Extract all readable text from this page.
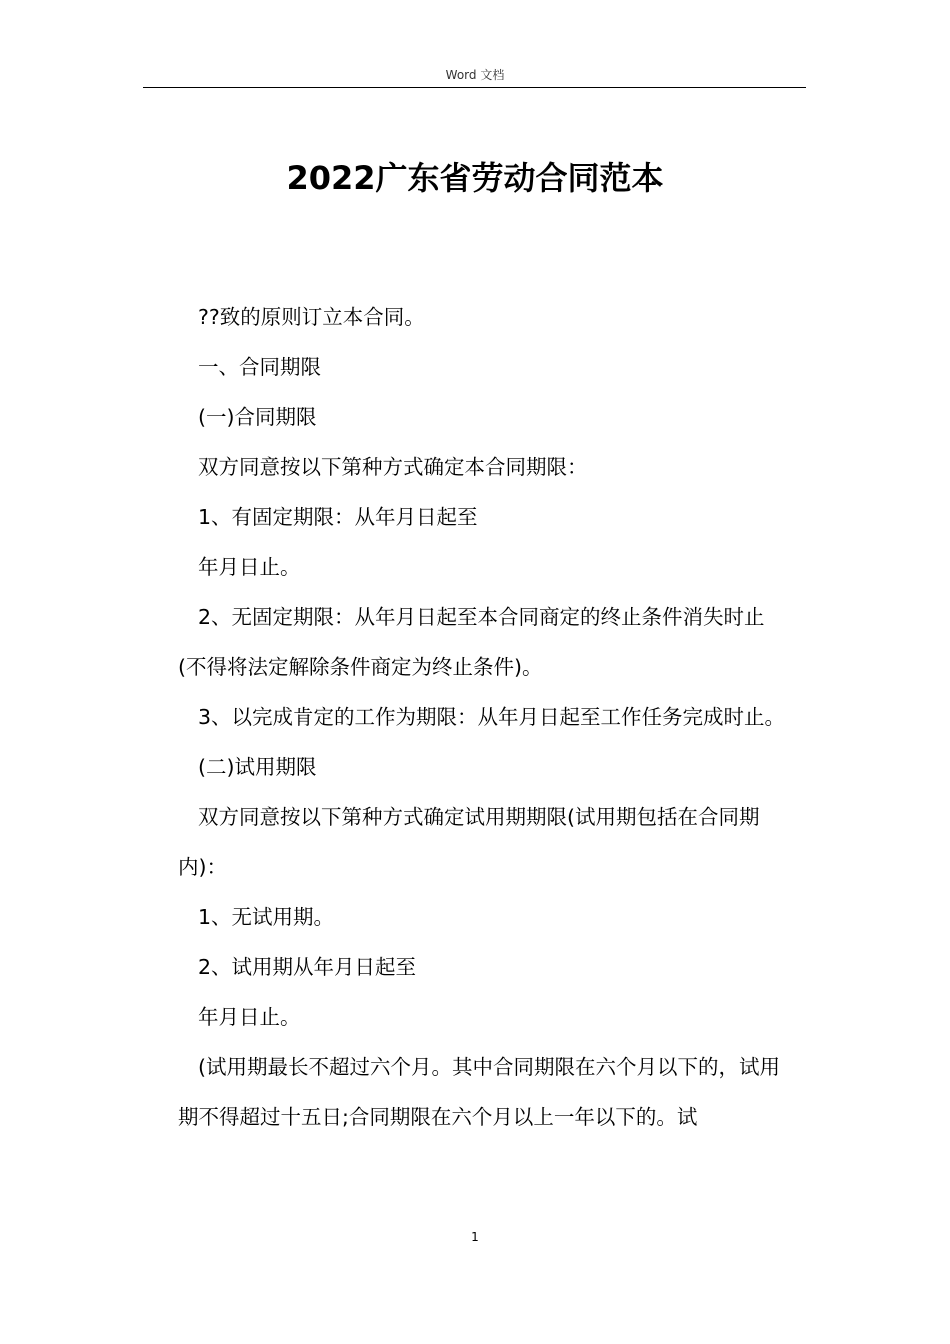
Word 文档
2022广东省劳动合同范本

??致的原则订立本合同。

一、合同期限

(一)合同期限

双方同意按以下第种方式确定本合同期限：

1、有固定期限：从年月日起至

年月日止。

2、无固定期限：从年月日起至本合同商定的终止条件消失时止(不得将法定解除条件商定为终止条件)。

3、以完成肯定的工作为期限：从年月日起至工作任务完成时止。

(二)试用期限

双方同意按以下第种方式确定试用期期限(试用期包括在合同期内)：

1、无试用期。

2、试用期从年月日起至

年月日止。

(试用期最长不超过六个月。其中合同期限在六个月以下的，试用期不得超过十五日;合同期限在六个月以上一年以下的。试

1
